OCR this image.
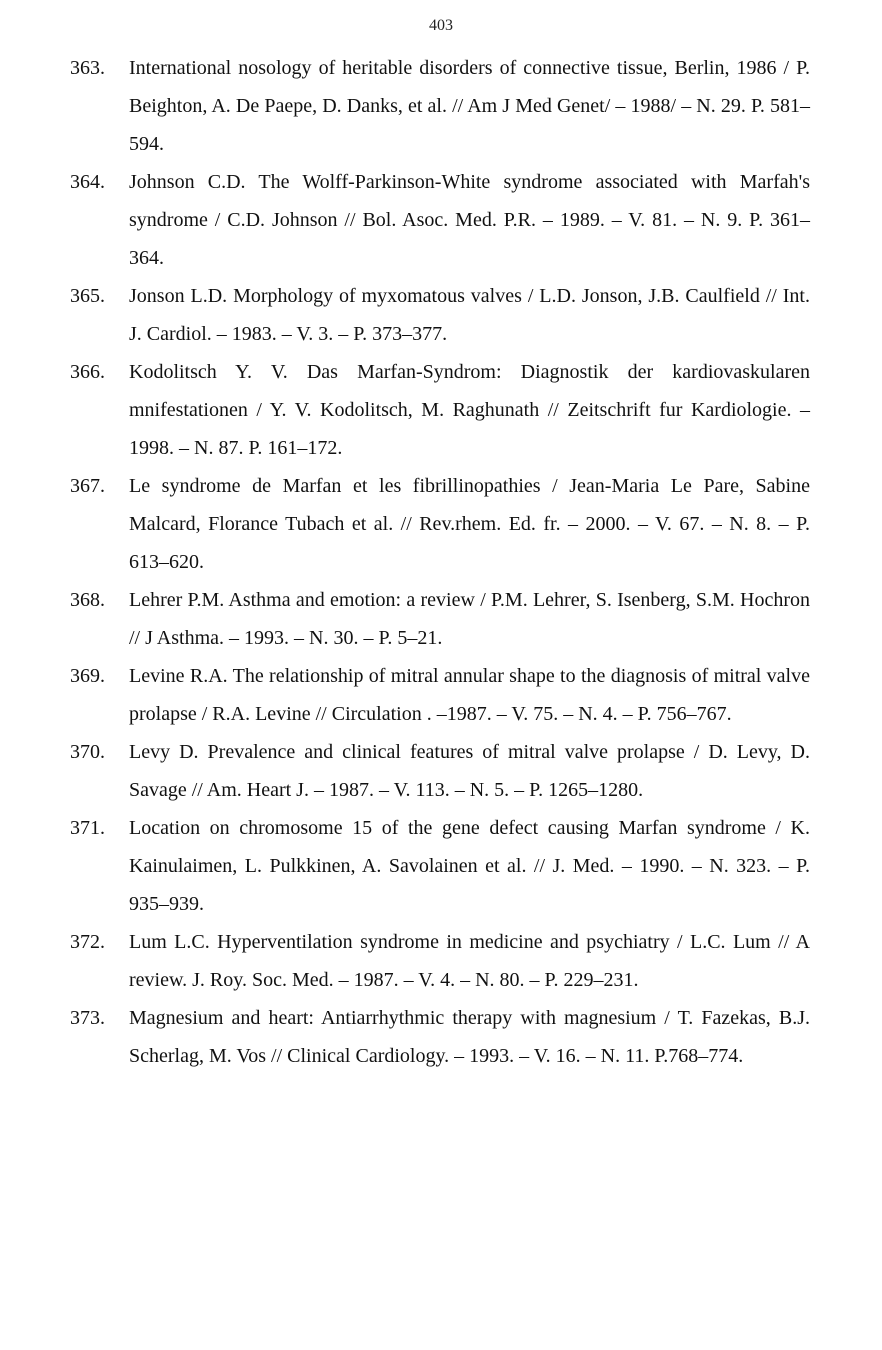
403
363.	International nosology of heritable disorders of connective tissue, Berlin, 1986 / P. Beighton, A. De Paepe, D. Danks, et al. // Am J Med Genet/ – 1988/ – N. 29. P. 581–594.
364.	Johnson C.D. The Wolff-Parkinson-White syndrome associated with Marfah's syndrome / C.D. Johnson // Bol. Asoc. Med. P.R. – 1989. – V. 81. – N. 9. P. 361–364.
365.	Jonson L.D. Morphology of myxomatous valves / L.D. Jonson, J.B. Caulfield // Int. J. Cardiol. – 1983. – V. 3. – P. 373–377.
366.	Kodolitsch Y. V. Das Marfan-Syndrom: Diagnostik der kardiovaskularen mnifestationen / Y. V. Kodolitsch, M. Raghunath // Zeitschrift fur Kardiologie. – 1998. – N. 87. P. 161–172.
367.	Le syndrome de Marfan et les fibrillinopathies / Jean-Maria Le Pare, Sabine Malcard, Florance Tubach et al. // Rev.rhem. Ed. fr. – 2000. – V. 67. – N. 8. – P. 613–620.
368.	Lehrer P.M. Asthma and emotion: a review / P.M. Lehrer, S. Isenberg, S.M. Hochron // J Asthma. – 1993. – N. 30. – P. 5–21.
369.	Levine R.A. The relationship of mitral annular shape to the diagnosis of mitral valve prolapse / R.A. Levine // Circulation . –1987. – V. 75. – N. 4. – P. 756–767.
370.	Levy D. Prevalence and clinical features of mitral valve prolapse / D. Levy, D. Savage // Am. Heart J. – 1987. – V. 113. – N. 5. – P. 1265–1280.
371.	Location on chromosome 15 of the gene defect causing Marfan syndrome / K. Kainulaimen, L. Pulkkinen, A. Savolainen et al. // J. Med. – 1990. – N. 323. – P. 935–939.
372.	Lum L.C. Hyperventilation syndrome in medicine and psychiatry / L.C. Lum // A review. J. Roy. Soc. Med. – 1987. – V. 4. – N. 80. – P. 229–231.
373.	Magnesium and heart: Antiarrhythmic therapy with magnesium / T. Fazekas, B.J. Scherlag, M. Vos // Clinical Cardiology. – 1993. – V. 16. – N. 11. P.768–774.
